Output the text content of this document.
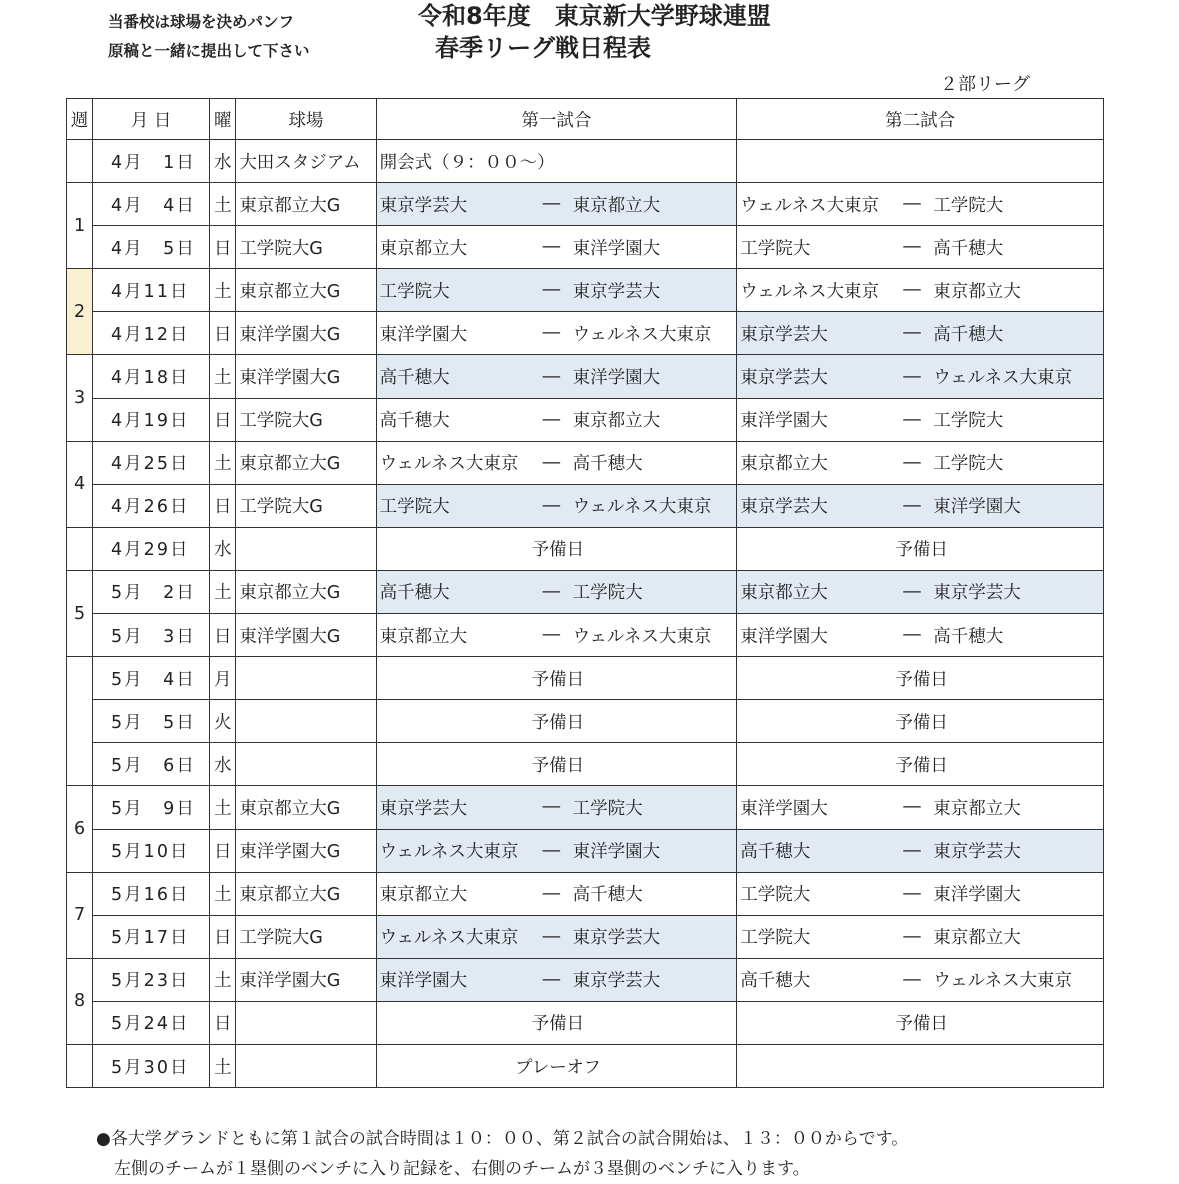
当番校は球場を決めパンフ
原稿と一緒に提出して下さい
令和8年度　東京新大学野球連盟
春季リーグ戦日程表
２部リーグ
週	月 日	曜	球場	第一試合	第二試合
	4月　1日	水	大田スタジアム	開会式（９：００～）	
1	4月　4日	土	東京都立大G	東京学芸大 ― 東京都立大	ウェルネス大東京 ― 工学院大

	4月　5日	日	工学院大G	東京都立大 ― 東洋学園大	工学院大 ― 高千穂大

2	4月11日	土	東京都立大G	工学院大 ― 東京学芸大	ウェルネス大東京 ― 東京都立大

	4月12日	日	東洋学園大G	東洋学園大 ― ウェルネス大東京	東京学芸大 ― 高千穂大

3	4月18日	土	東洋学園大G	高千穂大 ― 東洋学園大	東京学芸大 ― ウェルネス大東京

	4月19日	日	工学院大G	高千穂大 ― 東京都立大	東洋学園大 ― 工学院大

4	4月25日	土	東京都立大G	ウェルネス大東京 ― 高千穂大	東京都立大 ― 工学院大

	4月26日	日	工学院大G	工学院大 ― ウェルネス大東京	東京学芸大 ― 東洋学園大

	4月29日	水		予備日	予備日
5	5月　2日	土	東京都立大G	高千穂大 ― 工学院大	東京都立大 ― 東京学芸大

	5月　3日	日	東洋学園大G	東京都立大 ― ウェルネス大東京	東洋学園大 ― 高千穂大

	5月　4日	月		予備日	予備日
	5月　5日	火		予備日	予備日
	5月　6日	水		予備日	予備日
6	5月　9日	土	東京都立大G	東京学芸大 ― 工学院大	東洋学園大 ― 東京都立大

	5月10日	日	東洋学園大G	ウェルネス大東京 ― 東洋学園大	高千穂大 ― 東京学芸大

7	5月16日	土	東京都立大G	東京都立大 ― 高千穂大	工学院大 ― 東洋学園大

	5月17日	日	工学院大G	ウェルネス大東京 ― 東京学芸大	工学院大 ― 東京都立大

8	5月23日	土	東洋学園大G	東洋学園大 ― 東京学芸大	高千穂大 ― ウェルネス大東京

	5月24日	日		予備日	予備日
	5月30日	土		プレーオフ	
●各大学グランドともに第１試合の試合時間は１０：００、第２試合の試合開始は、１３：００からです。
左側のチームが１塁側のベンチに入り記録を、右側のチームが３塁側のベンチに入ります。
